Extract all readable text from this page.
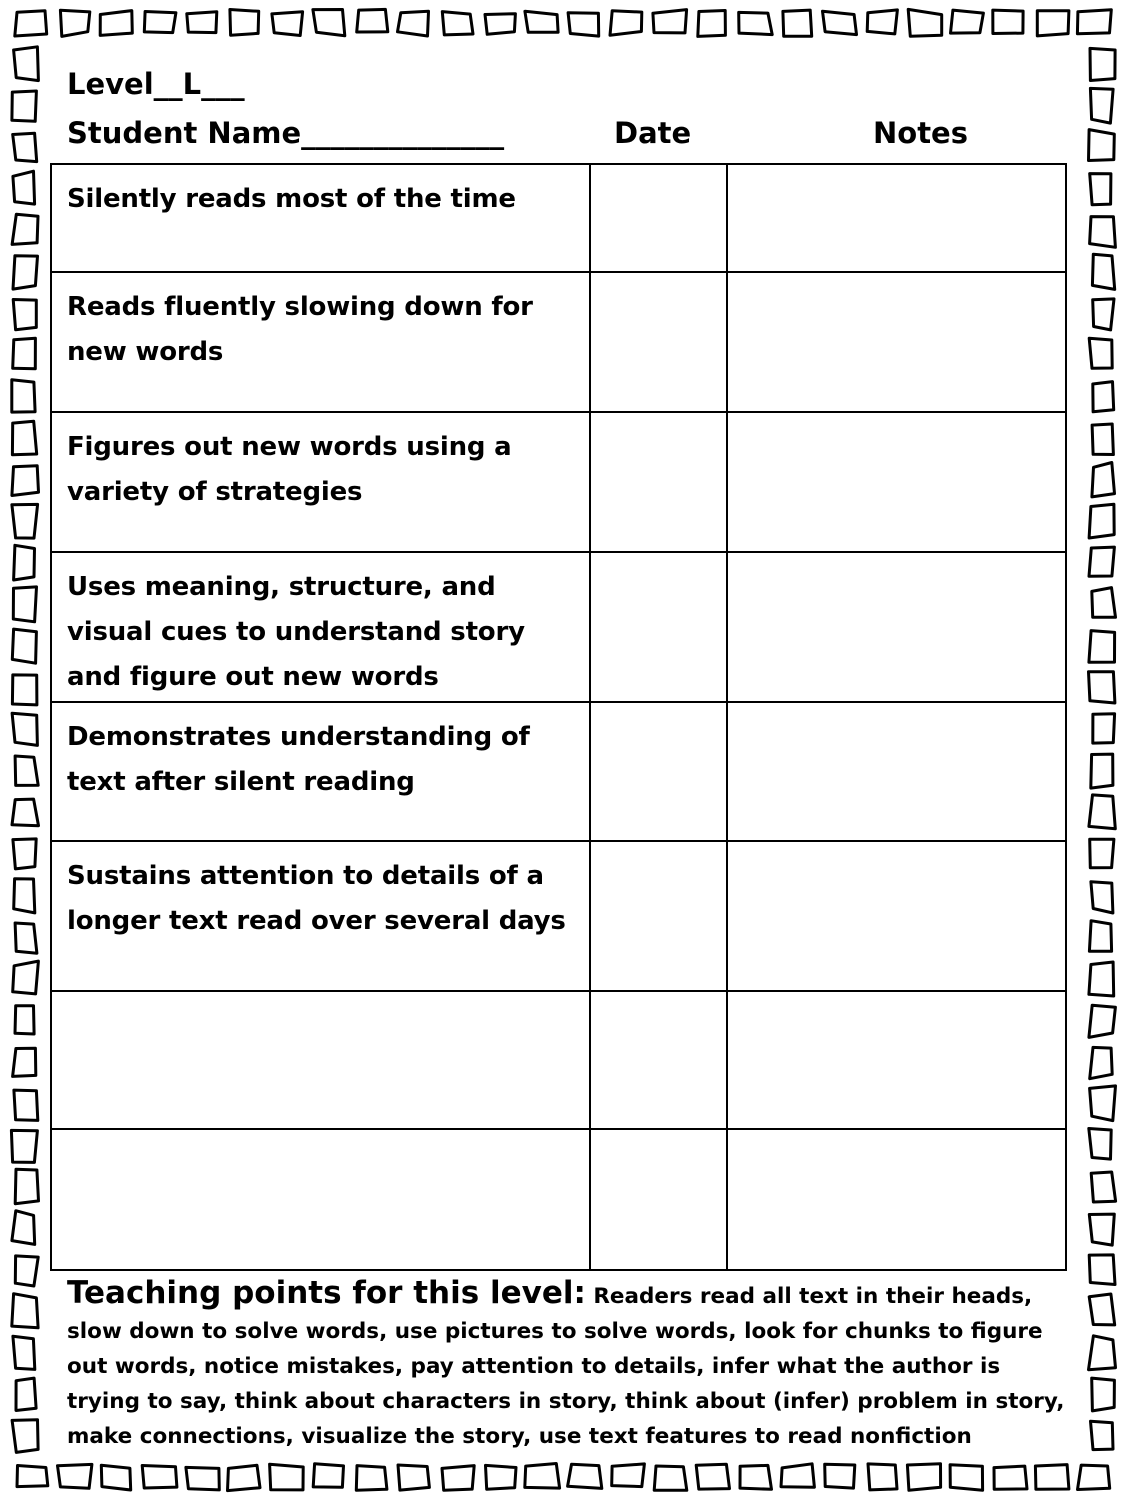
Level__L___
Student Name______________	Date	Notes
Silently reads most of the time		
Reads fluently slowing down for new words		
Figures out new words using a variety of strategies		
Uses meaning, structure, and visual cues to understand story and figure out new words		
Demonstrates understanding of text after silent reading		
Sustains attention to details of a longer text read over several days		

Teaching points for this level: Readers read all text in their heads, slow down to solve words, use pictures to solve words, look for chunks to figure out words, notice mistakes, pay attention to details, infer what the author is trying to say, think about characters in story, think about (infer) problem in story, make connections, visualize the story, use text features to read nonfiction
